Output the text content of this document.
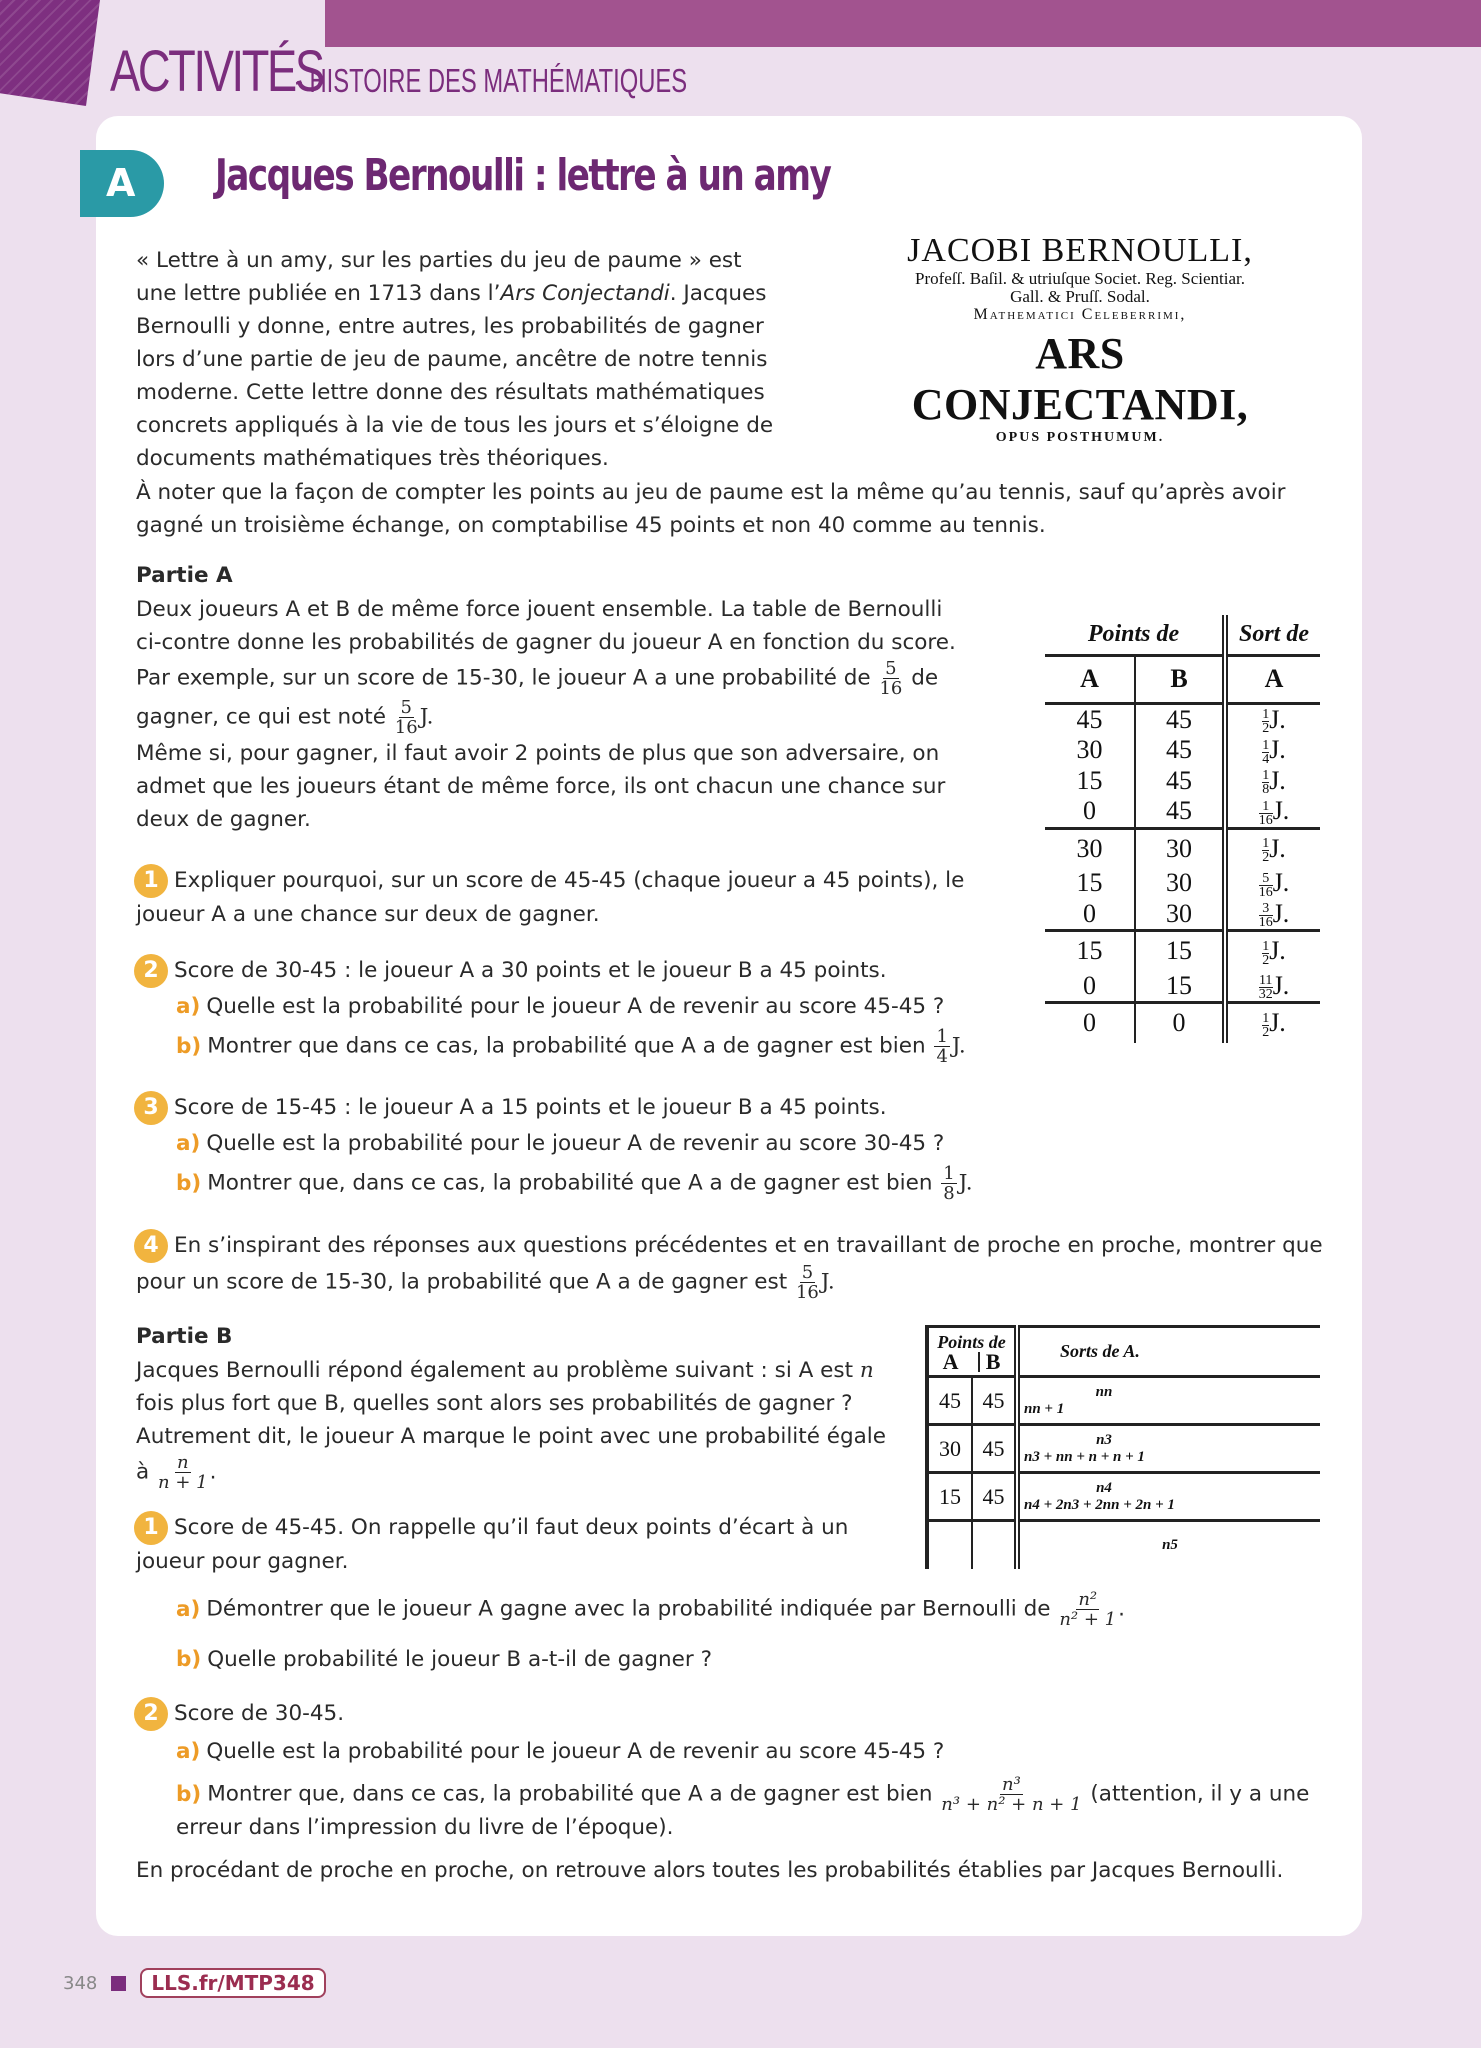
ACTIVITÉS
- HISTOIRE DES MATHÉMATIQUES
A	Jacques Bernoulli : lettre à un amy
JACOBI BERNOULLI,
Profeſſ. Baſil. & utriuſque Societ. Reg. Scientiar.
Gall. & Pruſſ. Sodal.
Mathematici Celeberrimi,
ARS CONJECTANDI,
OPUS POSTHUMUM.
« Lettre à un amy, sur les parties du jeu de paume » est une lettre publiée en 1713 dans l’Ars Conjectandi. Jacques Bernoulli y donne, entre autres, les probabilités de gagner lors d’une partie de jeu de paume, ancêtre de notre tennis moderne. Cette lettre donne des résultats mathématiques concrets appliqués à la vie de tous les jours et s’éloigne de documents mathématiques très théoriques.
À noter que la façon de compter les points au jeu de paume est la même qu’au tennis, sauf qu’après avoir gagné un troisième échange, on comptabilise 45 points et non 40 comme au tennis.
Partie A
Deux joueurs A et B de même force jouent ensemble. La table de Bernoulli ci-contre donne les probabilités de gagner du joueur A en fonction du score. Par exemple, sur un score de 15-30, le joueur A a une probabilité de $\frac{5}{16}$ de gagner, ce qui est noté $\frac{5}{16} J$.
Même si, pour gagner, il faut avoir 2 points de plus que son adversaire, on admet que les joueurs étant de même force, ils ont chacun une chance sur deux de gagner.
1 Expliquer pourquoi, sur un score de 45-45 (chaque joueur a 45 points), le joueur A a une chance sur deux de gagner.
2 Score de 30-45 : le joueur A a 30 points et le joueur B a 45 points.
a) Quelle est la probabilité pour le joueur A de revenir au score 45-45 ?
b) Montrer que dans ce cas, la probabilité que A a de gagner est bien $\frac{1}{4} J$.
3 Score de 15-45 : le joueur A a 15 points et le joueur B a 45 points.
a) Quelle est la probabilité pour le joueur A de revenir au score 30-45 ?
b) Montrer que, dans ce cas, la probabilité que A a de gagner est bien $\frac{1}{8} J$.
4 En s’inspirant des réponses aux questions précédentes et en travaillant de proche en proche, montrer que pour un score de 15-30, la probabilité que A a de gagner est $\frac{5}{16} J$.
Points de		Sort de
A	B	A
45	45	$\frac{1}{2} J$.
30	45	$\frac{1}{4} J$.
15	45	$\frac{1}{8} J$.
0	45	$\frac{1}{16} J$.
30	30	$\frac{1}{2} J$.
15	30	$\frac{5}{16} J$.
0	30	$\frac{3}{16} J$.
15	15	$\frac{1}{2} J$.
0	15	$\frac{11}{32} J$.
0	0	$\frac{1}{2} J$.
Partie B
Jacques Bernoulli répond également au problème suivant : si A est n fois plus fort que B, quelles sont alors ses probabilités de gagner ? Autrement dit, le joueur A marque le point avec une probabilité égale à $\frac{n}{n + 1}$ .
1 Score de 45-45. On rappelle qu’il faut deux points d’écart à un joueur pour gagner.
a) Démontrer que le joueur A gagne avec la probabilité indiquée par Bernoulli de $\frac{\text{n²}}{\text{n² + 1}}$ .
b) Quelle probabilité le joueur B a-t-il de gagner ?
2 Score de 30-45.
a) Quelle est la probabilité pour le joueur A de revenir au score 45-45 ?
b) Montrer que, dans ce cas, la probabilité que A a de gagner est bien $\frac{\text{n³}}{\text{n³ + n² + n + 1}}$ (attention, il y a une erreur dans l’impression du livre de l’époque).
En procédant de proche en proche, on retrouve alors toutes les probabilités établies par Jacques Bernoulli.
Points de
A B		Sorts de A.
45	45	nn
nn + 1

30	45	n3
n3 + nn + n + n + 1

15	45	n4
n4 + 2n3 + 2nn + 2n + 1

		n5
348	LLS.fr/MTP348
